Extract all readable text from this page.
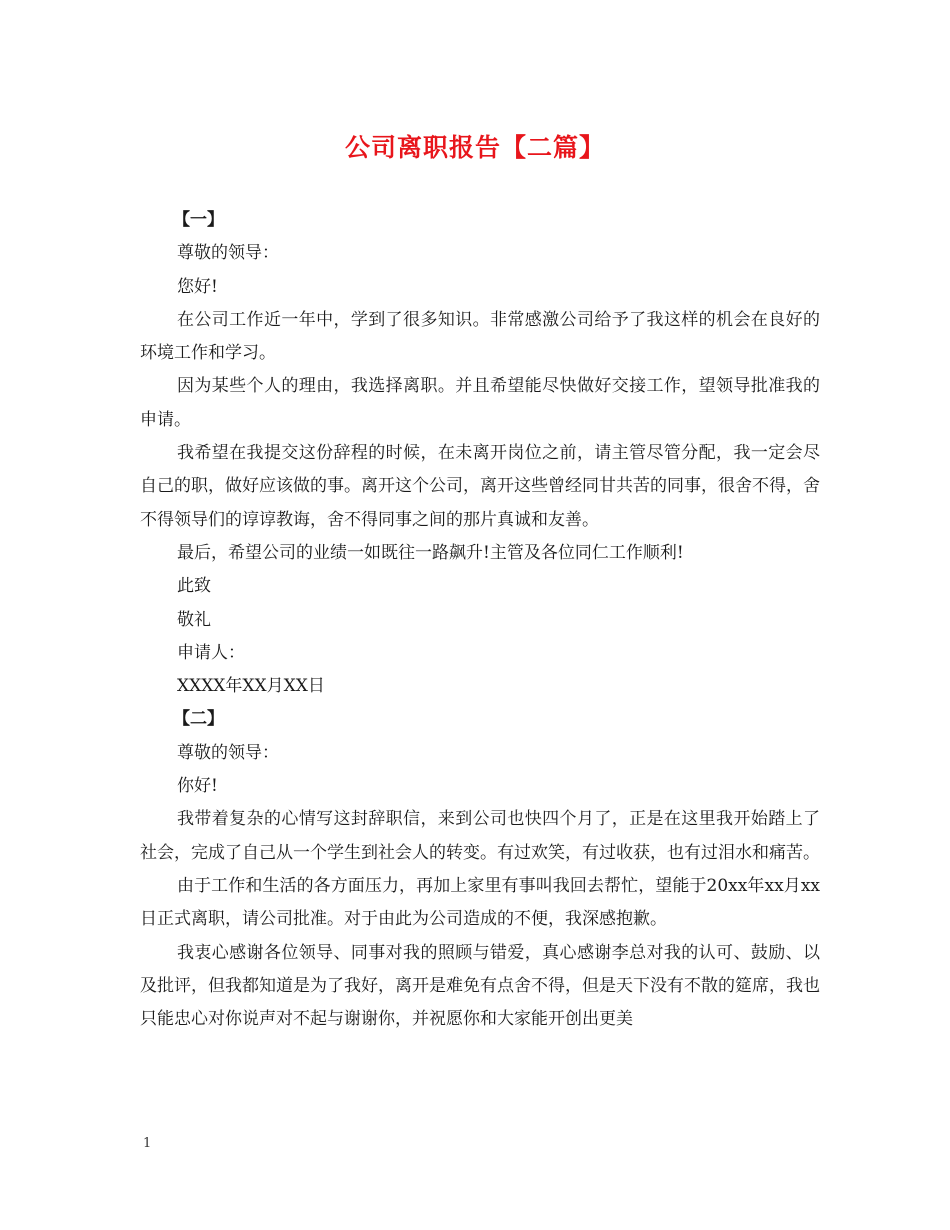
公司离职报告【二篇】

【一】

尊敬的领导：

您好!

在公司工作近一年中，学到了很多知识。非常感激公司给予了我这样的机会在良好的环境工作和学习。

因为某些个人的理由，我选择离职。并且希望能尽快做好交接工作，望领导批准我的申请。

我希望在我提交这份辞程的时候，在未离开岗位之前，请主管尽管分配，我一定会尽自己的职，做好应该做的事。离开这个公司，离开这些曾经同甘共苦的同事，很舍不得，舍不得领导们的谆谆教诲，舍不得同事之间的那片真诚和友善。

最后，希望公司的业绩一如既往一路飙升!主管及各位同仁工作顺利!

此致

敬礼

申请人：

XXXX年XX月XX日

【二】

尊敬的领导：

你好!

我带着复杂的心情写这封辞职信，来到公司也快四个月了，正是在这里我开始踏上了社会，完成了自己从一个学生到社会人的转变。有过欢笑，有过收获，也有过泪水和痛苦。

由于工作和生活的各方面压力，再加上家里有事叫我回去帮忙，望能于20xx年xx月xx日正式离职，请公司批准。对于由此为公司造成的不便，我深感抱歉。

我衷心感谢各位领导、同事对我的照顾与错爱，真心感谢李总对我的认可、鼓励、以及批评，但我都知道是为了我好，离开是难免有点舍不得，但是天下没有不散的筵席，我也只能忠心对你说声对不起与谢谢你，并祝愿你和大家能开创出更美

1
